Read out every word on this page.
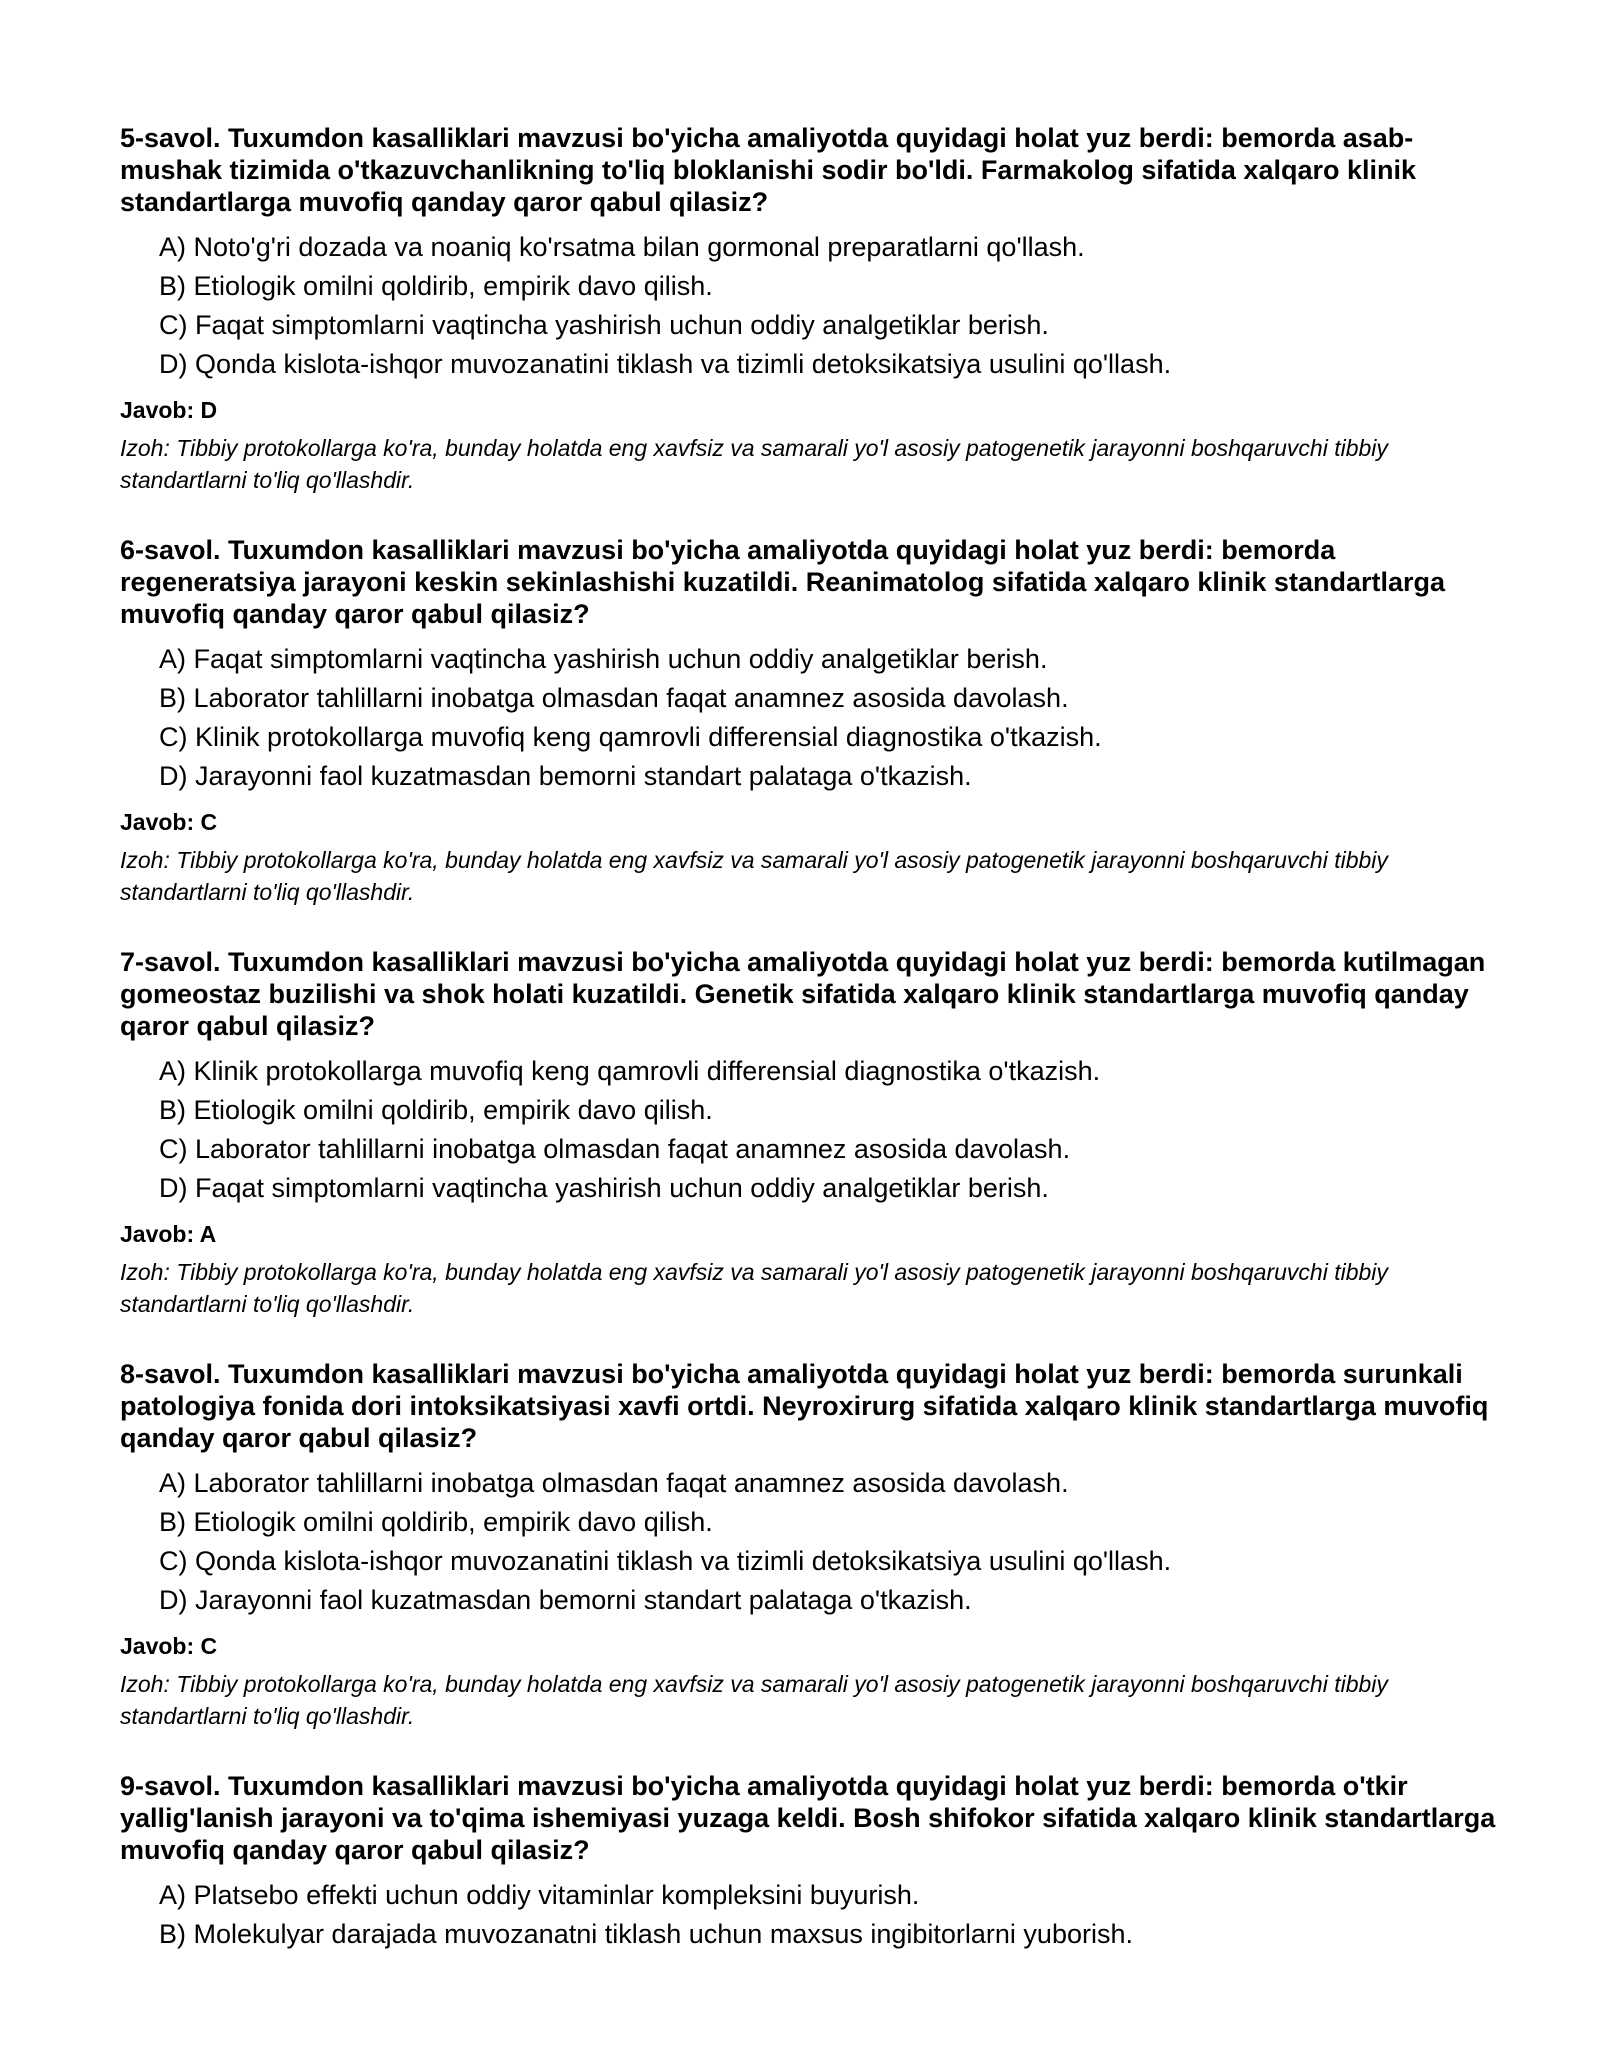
5-savol. Tuxumdon kasalliklari mavzusi bo'yicha amaliyotda quyidagi holat yuz berdi: bemorda asab-mushak tizimida o'tkazuvchanlikning to'liq bloklanishi sodir bo'ldi. Farmakolog sifatida xalqaro klinik standartlarga muvofiq qanday qaror qabul qilasiz?
A) Noto'g'ri dozada va noaniq ko'rsatma bilan gormonal preparatlarni qo'llash.
B) Etiologik omilni qoldirib, empirik davo qilish.
C) Faqat simptomlarni vaqtincha yashirish uchun oddiy analgetiklar berish.
D) Qonda kislota-ishqor muvozanatini tiklash va tizimli detoksikatsiya usulini qo'llash.
Javob: D
Izoh: Tibbiy protokollarga ko'ra, bunday holatda eng xavfsiz va samarali yo'l asosiy patogenetik jarayonni boshqaruvchi tibbiy standartlarni to'liq qo'llashdir.
6-savol. Tuxumdon kasalliklari mavzusi bo'yicha amaliyotda quyidagi holat yuz berdi: bemorda regeneratsiya jarayoni keskin sekinlashishi kuzatildi. Reanimatolog sifatida xalqaro klinik standartlarga muvofiq qanday qaror qabul qilasiz?
A) Faqat simptomlarni vaqtincha yashirish uchun oddiy analgetiklar berish.
B) Laborator tahlillarni inobatga olmasdan faqat anamnez asosida davolash.
C) Klinik protokollarga muvofiq keng qamrovli differensial diagnostika o'tkazish.
D) Jarayonni faol kuzatmasdan bemorni standart palataga o'tkazish.
Javob: C
Izoh: Tibbiy protokollarga ko'ra, bunday holatda eng xavfsiz va samarali yo'l asosiy patogenetik jarayonni boshqaruvchi tibbiy standartlarni to'liq qo'llashdir.
7-savol. Tuxumdon kasalliklari mavzusi bo'yicha amaliyotda quyidagi holat yuz berdi: bemorda kutilmagan gomeostaz buzilishi va shok holati kuzatildi. Genetik sifatida xalqaro klinik standartlarga muvofiq qanday qaror qabul qilasiz?
A) Klinik protokollarga muvofiq keng qamrovli differensial diagnostika o'tkazish.
B) Etiologik omilni qoldirib, empirik davo qilish.
C) Laborator tahlillarni inobatga olmasdan faqat anamnez asosida davolash.
D) Faqat simptomlarni vaqtincha yashirish uchun oddiy analgetiklar berish.
Javob: A
Izoh: Tibbiy protokollarga ko'ra, bunday holatda eng xavfsiz va samarali yo'l asosiy patogenetik jarayonni boshqaruvchi tibbiy standartlarni to'liq qo'llashdir.
8-savol. Tuxumdon kasalliklari mavzusi bo'yicha amaliyotda quyidagi holat yuz berdi: bemorda surunkali patologiya fonida dori intoksikatsiyasi xavfi ortdi. Neyroxirurg sifatida xalqaro klinik standartlarga muvofiq qanday qaror qabul qilasiz?
A) Laborator tahlillarni inobatga olmasdan faqat anamnez asosida davolash.
B) Etiologik omilni qoldirib, empirik davo qilish.
C) Qonda kislota-ishqor muvozanatini tiklash va tizimli detoksikatsiya usulini qo'llash.
D) Jarayonni faol kuzatmasdan bemorni standart palataga o'tkazish.
Javob: C
Izoh: Tibbiy protokollarga ko'ra, bunday holatda eng xavfsiz va samarali yo'l asosiy patogenetik jarayonni boshqaruvchi tibbiy standartlarni to'liq qo'llashdir.
9-savol. Tuxumdon kasalliklari mavzusi bo'yicha amaliyotda quyidagi holat yuz berdi: bemorda o'tkir yallig'lanish jarayoni va to'qima ishemiyasi yuzaga keldi. Bosh shifokor sifatida xalqaro klinik standartlarga muvofiq qanday qaror qabul qilasiz?
A) Platsebo effekti uchun oddiy vitaminlar kompleksini buyurish.
B) Molekulyar darajada muvozanatni tiklash uchun maxsus ingibitorlarni yuborish.
